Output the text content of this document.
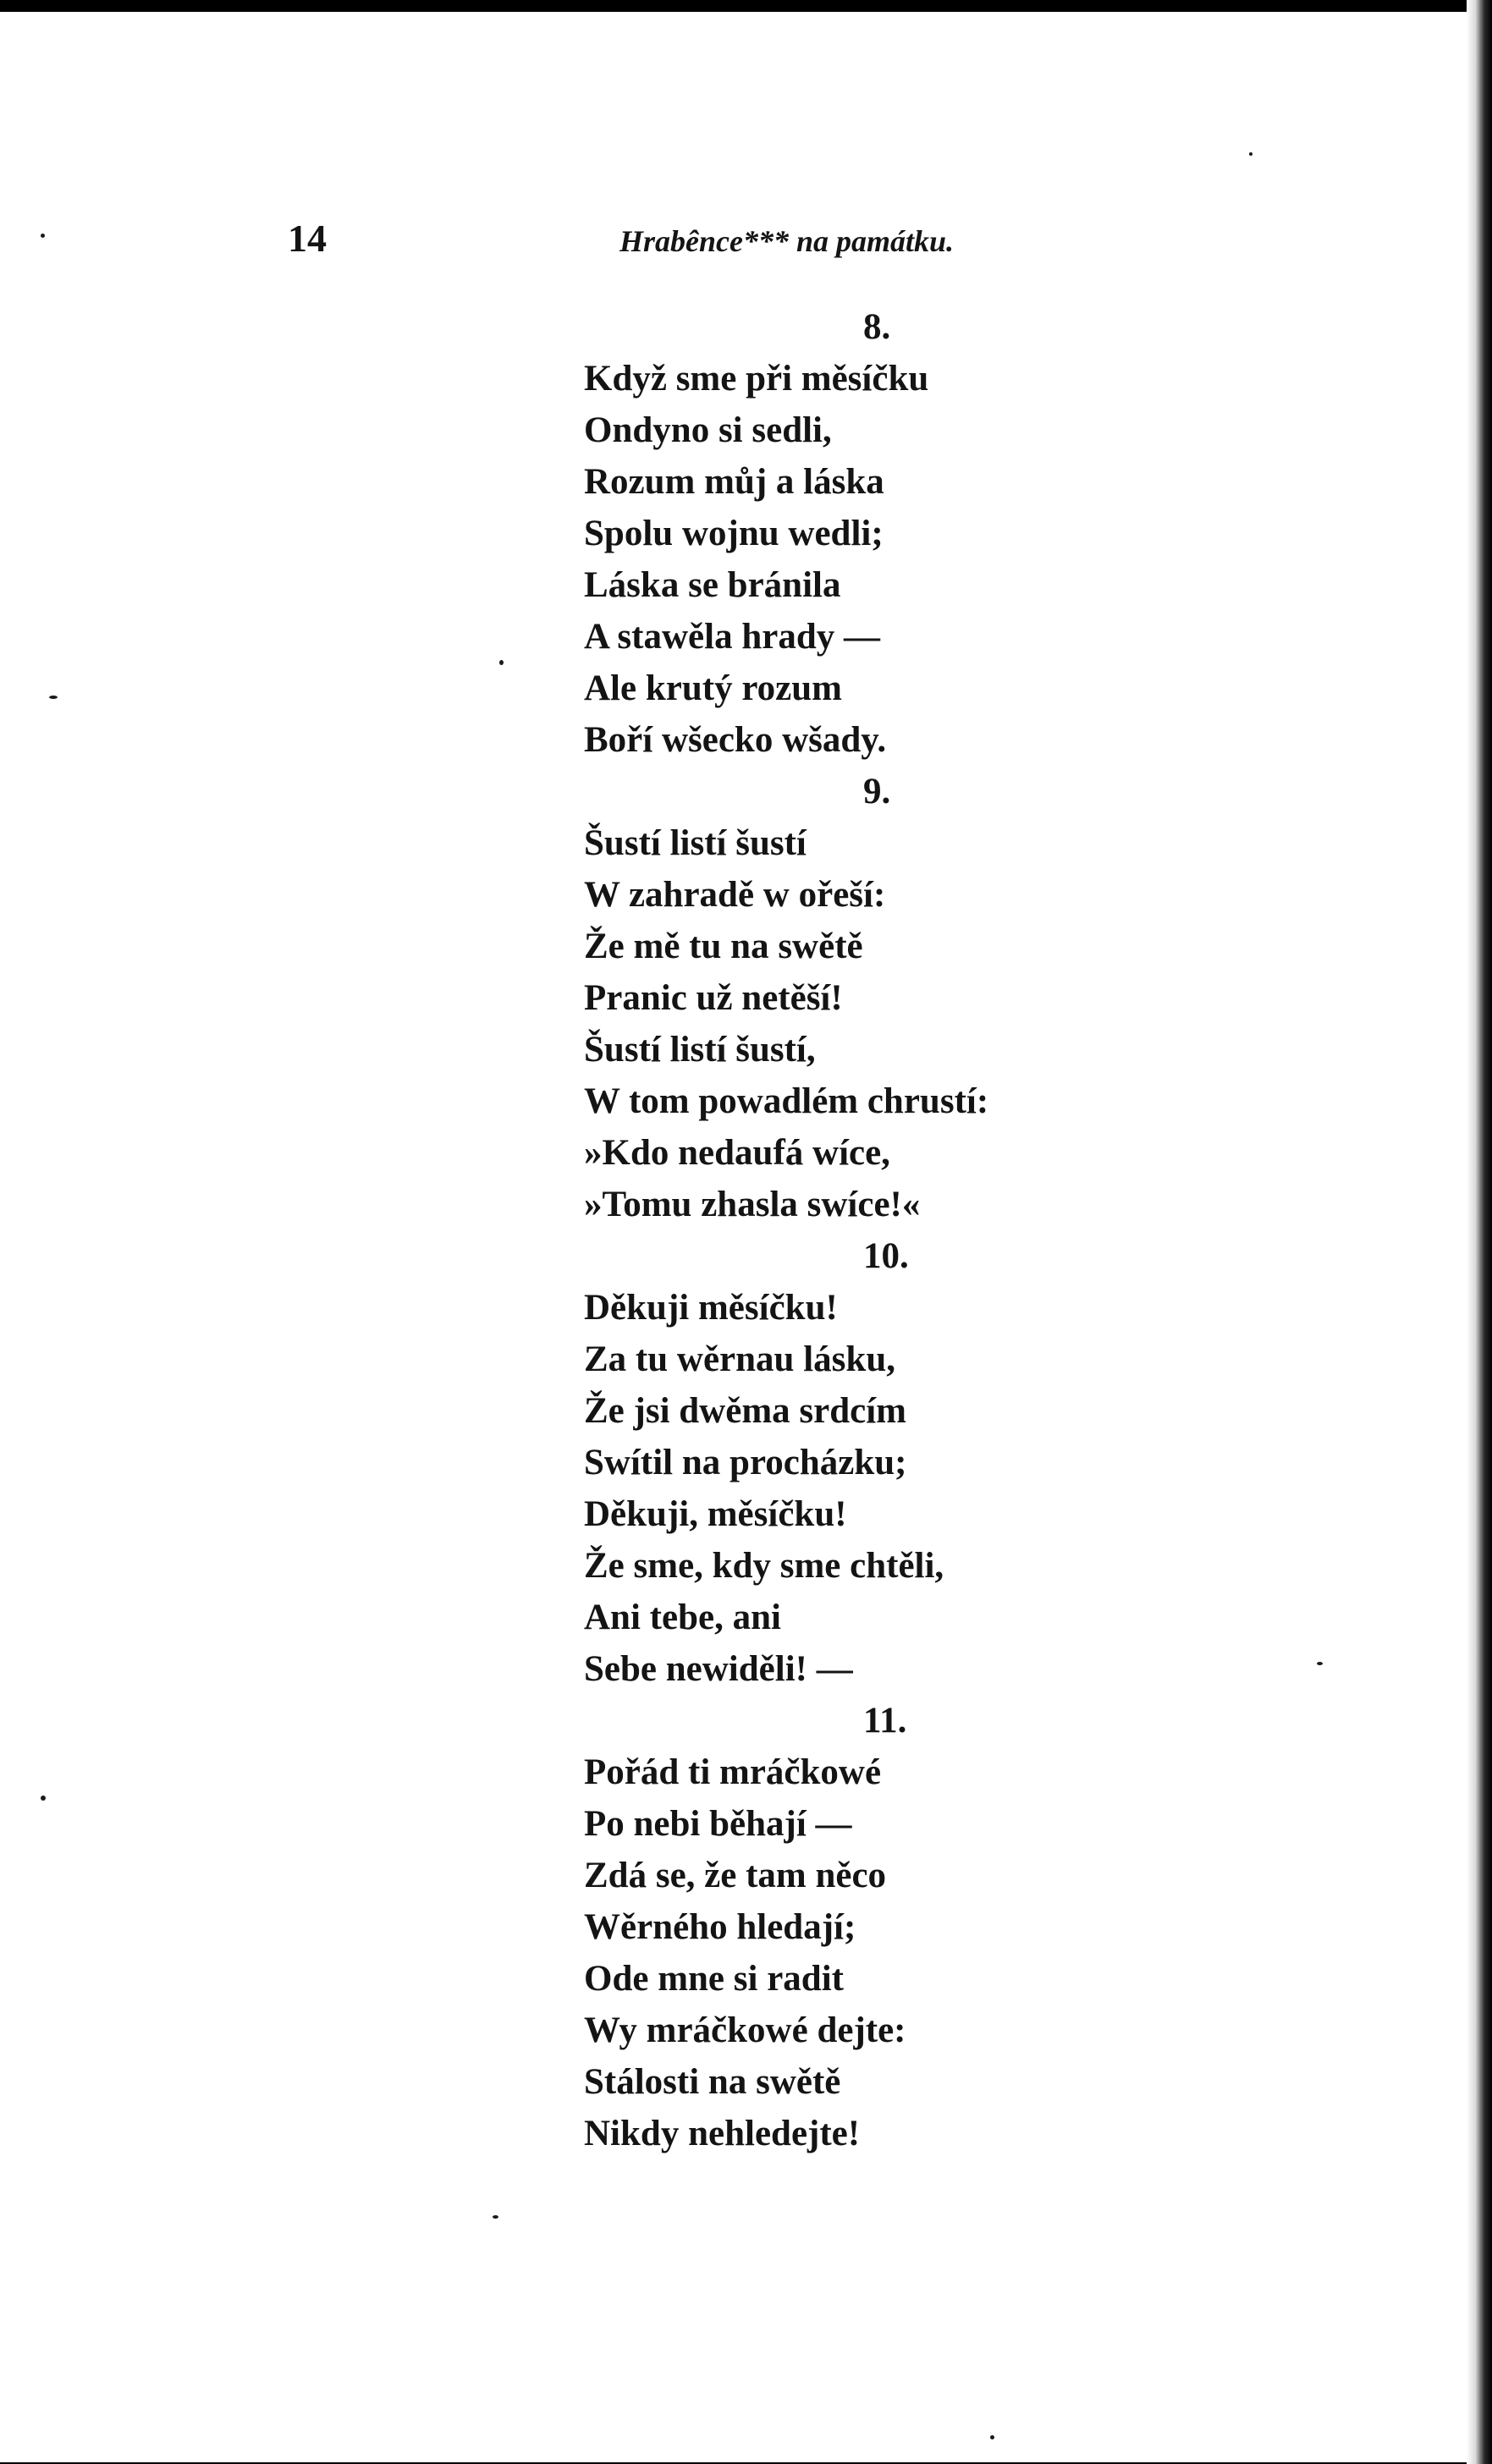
14	Hrabênce*** na památku.
8.
Když sme při měsíčku
Ondyno si sedli,
Rozum můj a láska
Spolu wojnu wedli;
Láska se bránila
A stawěla hrady —
Ale krutý rozum
Boří wšecko wšady.
9.
Šustí listí šustí
W zahradě w ořeší:
Že mě tu na swětě
Pranic už netěší!
Šustí listí šustí,
W tom powadlém chrustí:
»Kdo nedaufá wíce,
»Tomu zhasla swíce!«
10.
Děkuji měsíčku!
Za tu wěrnau lásku,
Že jsi dwěma srdcím
Swítil na procházku;
Děkuji, měsíčku!
Že sme, kdy sme chtěli,
Ani tebe, ani
Sebe newiděli! —
11.
Pořád ti mráčkowé
Po nebi běhají —
Zdá se, že tam něco
Wěrného hledají;
Ode mne si radit
Wy mráčkowé dejte:
Stálosti na swětě
Nikdy nehledejte!
